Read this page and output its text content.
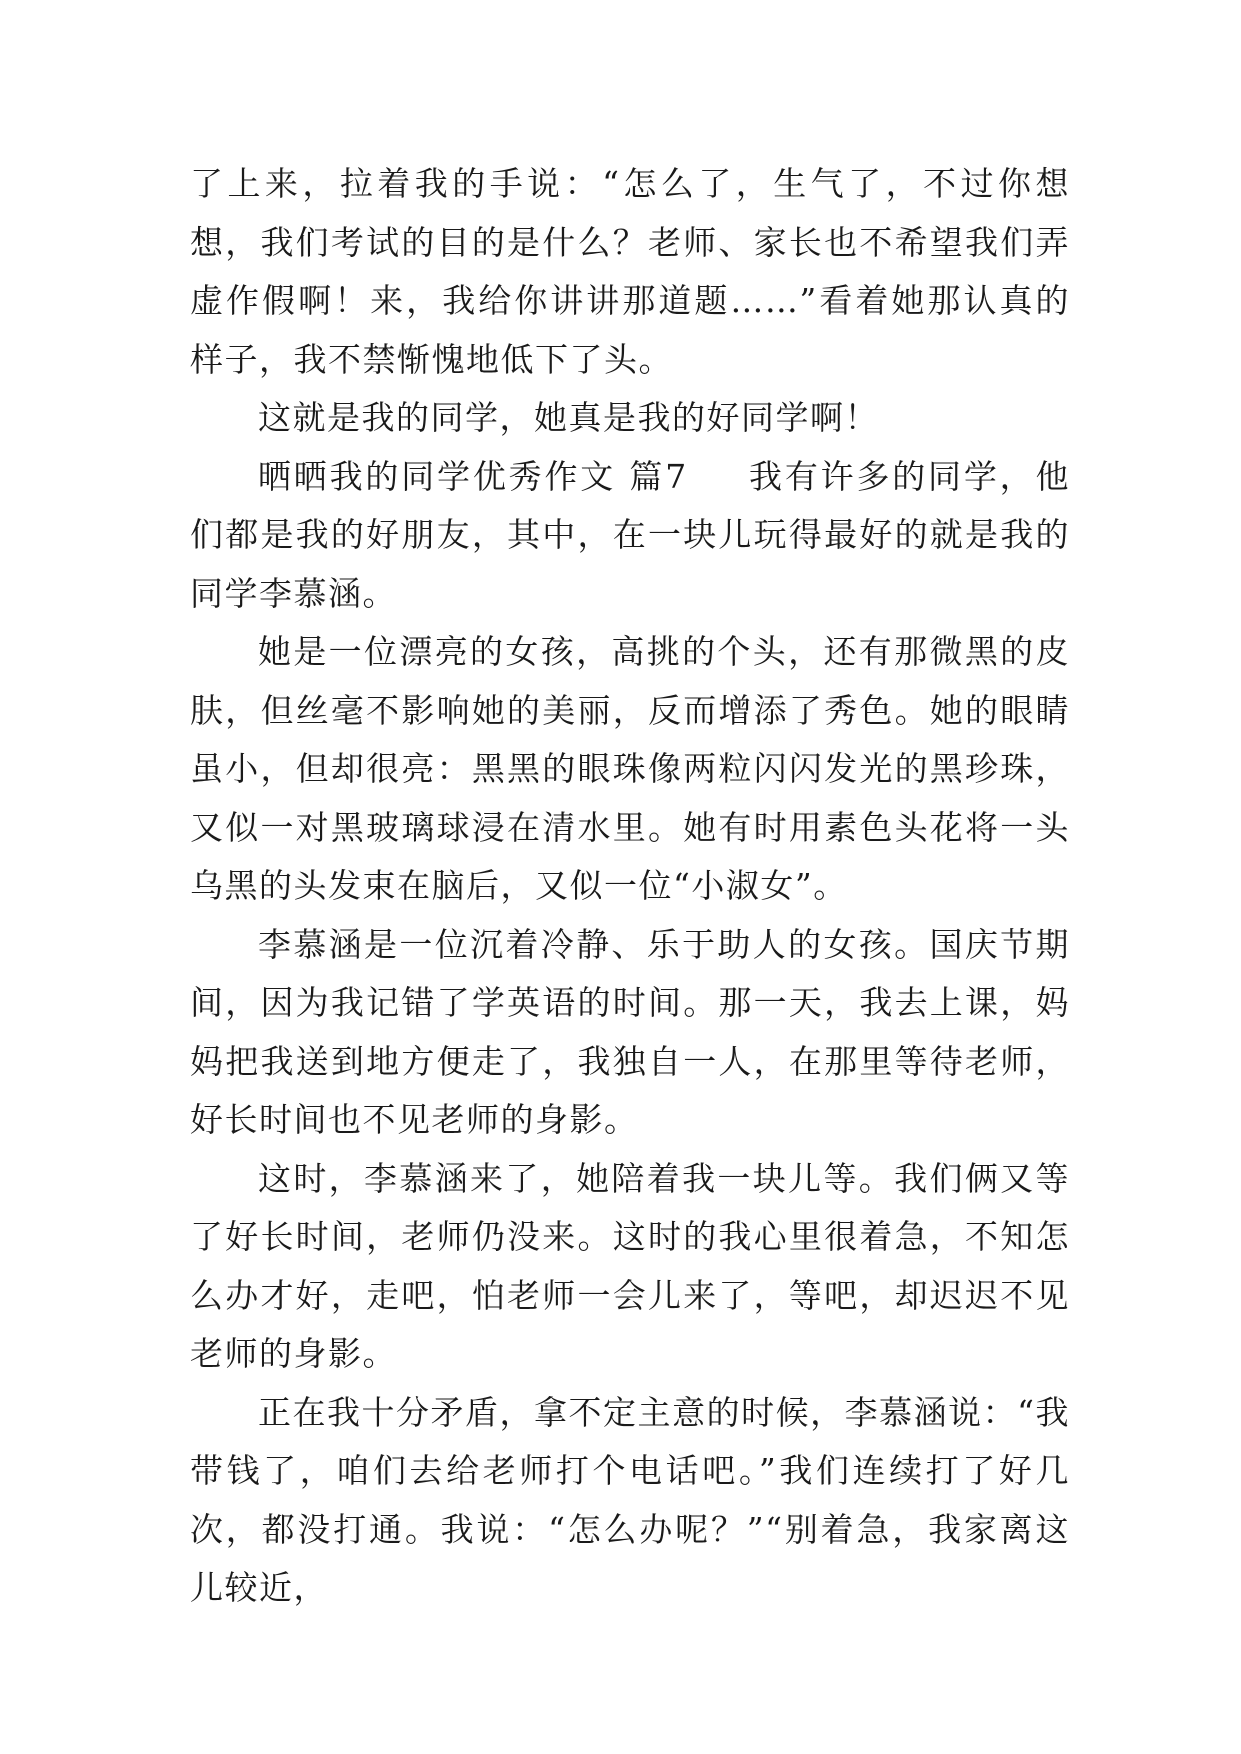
了上来，拉着我的手说：“怎么了，生气了，不过你想想，我们考试的目的是什么？老师、家长也不希望我们弄虚作假啊！来，我给你讲讲那道题……”看着她那认真的样子，我不禁惭愧地低下了头。

这就是我的同学，她真是我的好同学啊！

晒晒我的同学优秀作文 篇7 我有许多的同学，他们都是我的好朋友，其中，在一块儿玩得最好的就是我的同学李慕涵。

她是一位漂亮的女孩，高挑的个头，还有那微黑的皮肤，但丝毫不影响她的美丽，反而增添了秀色。她的眼睛虽小，但却很亮：黑黑的眼珠像两粒闪闪发光的黑珍珠，又似一对黑玻璃球浸在清水里。她有时用素色头花将一头乌黑的头发束在脑后，又似一位“小淑女”。

李慕涵是一位沉着冷静、乐于助人的女孩。国庆节期间，因为我记错了学英语的时间。那一天，我去上课，妈妈把我送到地方便走了，我独自一人，在那里等待老师，好长时间也不见老师的身影。

这时，李慕涵来了，她陪着我一块儿等。我们俩又等了好长时间，老师仍没来。这时的我心里很着急，不知怎么办才好，走吧，怕老师一会儿来了，等吧，却迟迟不见老师的身影。

正在我十分矛盾，拿不定主意的时候，李慕涵说：“我带钱了，咱们去给老师打个电话吧。”我们连续打了好几次，都没打通。我说：“怎么办呢？”“别着急，我家离这儿较近，
